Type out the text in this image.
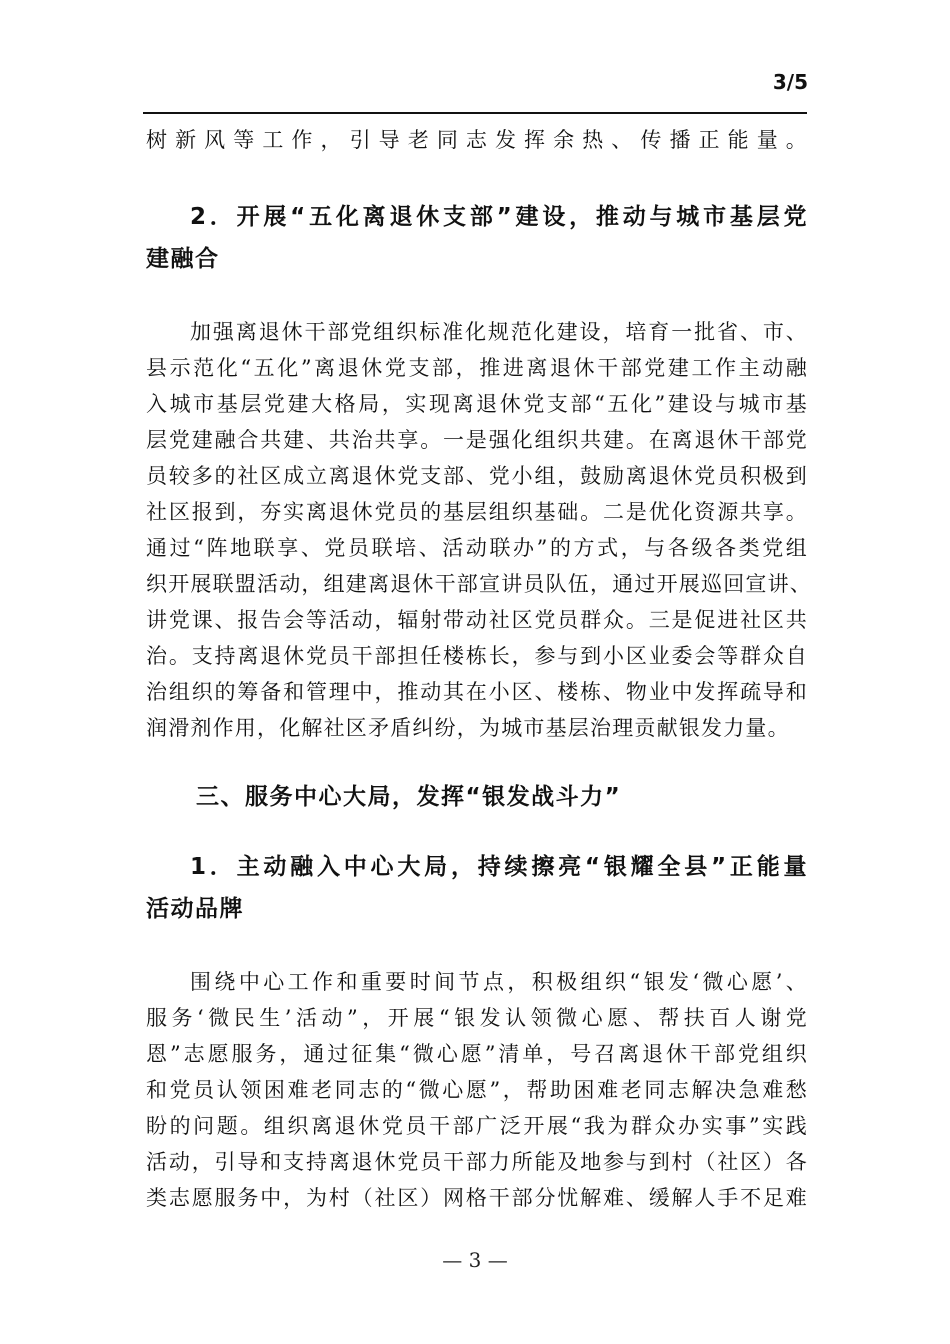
3/5
树新风等工作，引导老同志发挥余热、传播正能量。
2．开展“五化离退休支部”建设，推动与城市基层党
建融合
加强离退休干部党组织标准化规范化建设，培育一批省、市、
县示范化“五化”离退休党支部，推进离退休干部党建工作主动融
入城市基层党建大格局，实现离退休党支部“五化”建设与城市基
层党建融合共建、共治共享。一是强化组织共建。在离退休干部党
员较多的社区成立离退休党支部、党小组，鼓励离退休党员积极到
社区报到，夯实离退休党员的基层组织基础。二是优化资源共享。
通过“阵地联享、党员联培、活动联办”的方式，与各级各类党组
织开展联盟活动，组建离退休干部宣讲员队伍，通过开展巡回宣讲、
讲党课、报告会等活动，辐射带动社区党员群众。三是促进社区共
治。支持离退休党员干部担任楼栋长，参与到小区业委会等群众自
治组织的筹备和管理中，推动其在小区、楼栋、物业中发挥疏导和
润滑剂作用，化解社区矛盾纠纷，为城市基层治理贡献银发力量。
三、服务中心大局，发挥“银发战斗力”
1．主动融入中心大局，持续擦亮“银耀全县”正能量
活动品牌
围绕中心工作和重要时间节点，积极组织“银发‘微心愿’、
服务‘微民生’活动”，开展“银发认领微心愿、帮扶百人谢党
恩”志愿服务，通过征集“微心愿”清单，号召离退休干部党组织
和党员认领困难老同志的“微心愿”，帮助困难老同志解决急难愁
盼的问题。组织离退休党员干部广泛开展“我为群众办实事”实践
活动，引导和支持离退休党员干部力所能及地参与到村（社区）各
类志愿服务中，为村（社区）网格干部分忧解难、缓解人手不足难
— 3 —
